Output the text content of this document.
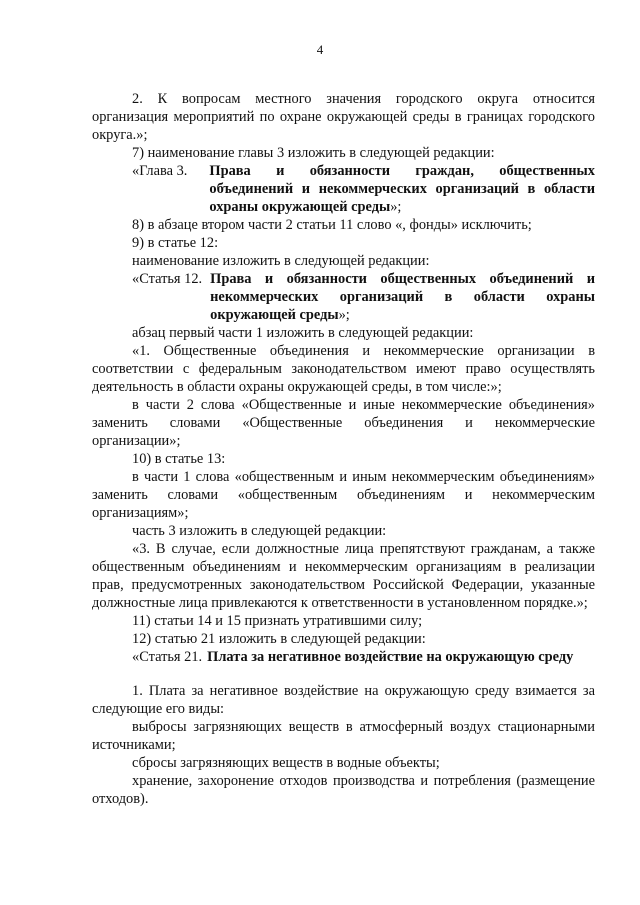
4

2. К вопросам местного значения городского округа относится организация мероприятий по охране окружающей среды в границах городского округа.»;

7) наименование главы 3 изложить в следующей редакции:

«Глава 3. Права и обязанности граждан, общественных объединений и некоммерческих организаций в области охраны окружающей среды»;

8) в абзаце втором части 2 статьи 11 слово «, фонды» исключить;

9) в статье 12:

наименование изложить в следующей редакции:

«Статья 12. Права и обязанности общественных объединений и некоммерческих организаций в области охраны окружающей среды»;

абзац первый части 1 изложить в следующей редакции:

«1. Общественные объединения и некоммерческие организации в соответствии с федеральным законодательством имеют право осуществлять деятельность в области охраны окружающей среды, в том числе:»;

в части 2 слова «Общественные и иные некоммерческие объединения» заменить словами «Общественные объединения и некоммерческие организации»;

10) в статье 13:

в части 1 слова «общественным и иным некоммерческим объединениям» заменить словами «общественным объединениям и некоммерческим организациям»;

часть 3 изложить в следующей редакции:

«3. В случае, если должностные лица препятствуют гражданам, а также общественным объединениям и некоммерческим организациям в реализации прав, предусмотренных законодательством Российской Федерации, указанные должностные лица привлекаются к ответственности в установленном порядке.»;

11) статьи 14 и 15 признать утратившими силу;

12) статью 21 изложить в следующей редакции:

«Статья 21. Плата за негативное воздействие на окружающую среду

1. Плата за негативное воздействие на окружающую среду взимается за следующие его виды:

выбросы загрязняющих веществ в атмосферный воздух стационарными источниками;

сбросы загрязняющих веществ в водные объекты;

хранение, захоронение отходов производства и потребления (размещение отходов).
